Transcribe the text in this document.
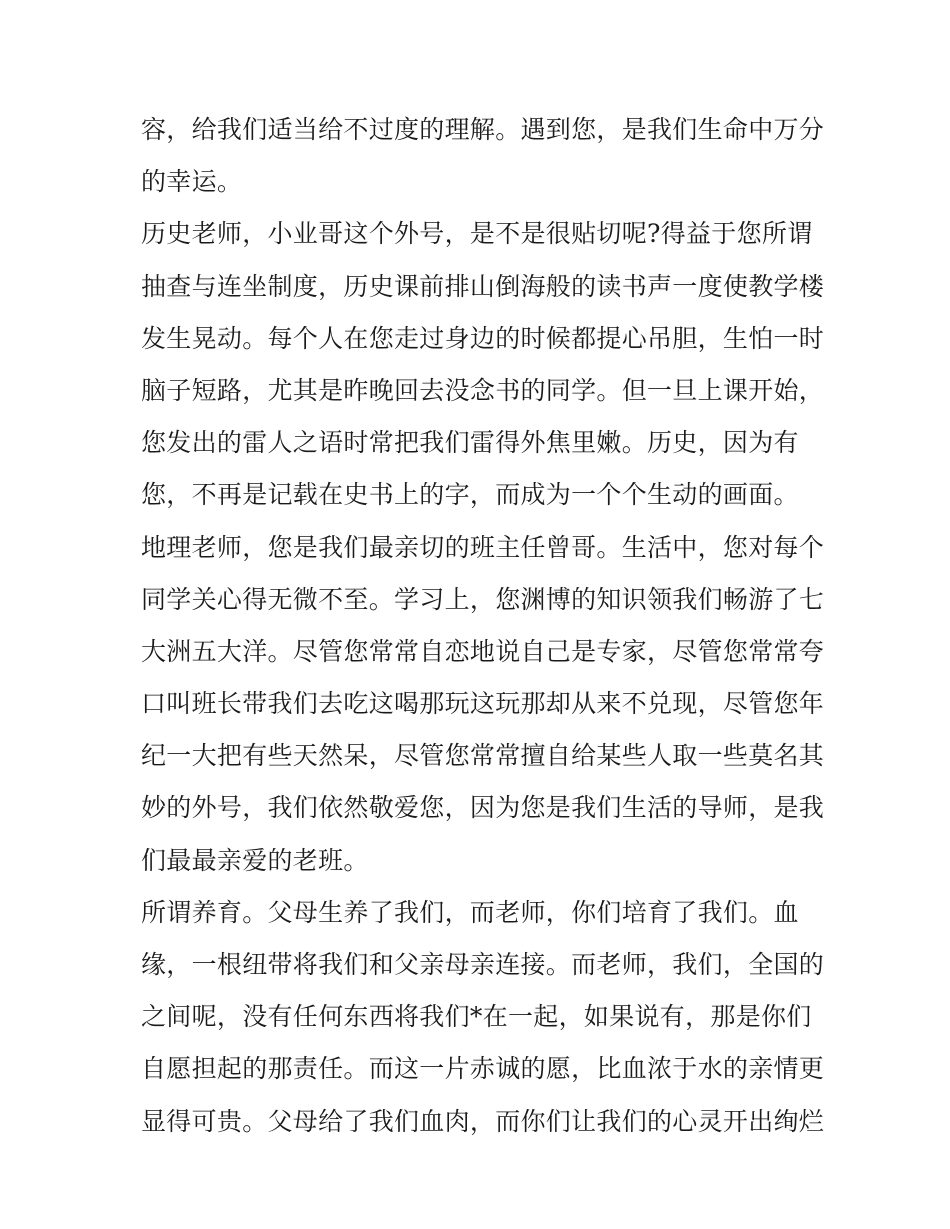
容，给我们适当给不过度的理解。遇到您，是我们生命中万分
的幸运。
历史老师，小业哥这个外号，是不是很贴切呢?得益于您所谓
抽查与连坐制度，历史课前排山倒海般的读书声一度使教学楼
发生晃动。每个人在您走过身边的时候都提心吊胆，生怕一时
脑子短路，尤其是昨晚回去没念书的同学。但一旦上课开始，
您发出的雷人之语时常把我们雷得外焦里嫩。历史，因为有
您，不再是记载在史书上的字，而成为一个个生动的画面。
地理老师，您是我们最亲切的班主任曾哥。生活中，您对每个
同学关心得无微不至。学习上，您渊博的知识领我们畅游了七
大洲五大洋。尽管您常常自恋地说自己是专家，尽管您常常夸
口叫班长带我们去吃这喝那玩这玩那却从来不兑现，尽管您年
纪一大把有些天然呆，尽管您常常擅自给某些人取一些莫名其
妙的外号，我们依然敬爱您，因为您是我们生活的导师，是我
们最最亲爱的老班。
所谓养育。父母生养了我们，而老师，你们培育了我们。血
缘，一根纽带将我们和父亲母亲连接。而老师，我们，全国的
之间呢，没有任何东西将我们*在一起，如果说有，那是你们
自愿担起的那责任。而这一片赤诚的愿，比血浓于水的亲情更
显得可贵。父母给了我们血肉，而你们让我们的心灵开出绚烂
